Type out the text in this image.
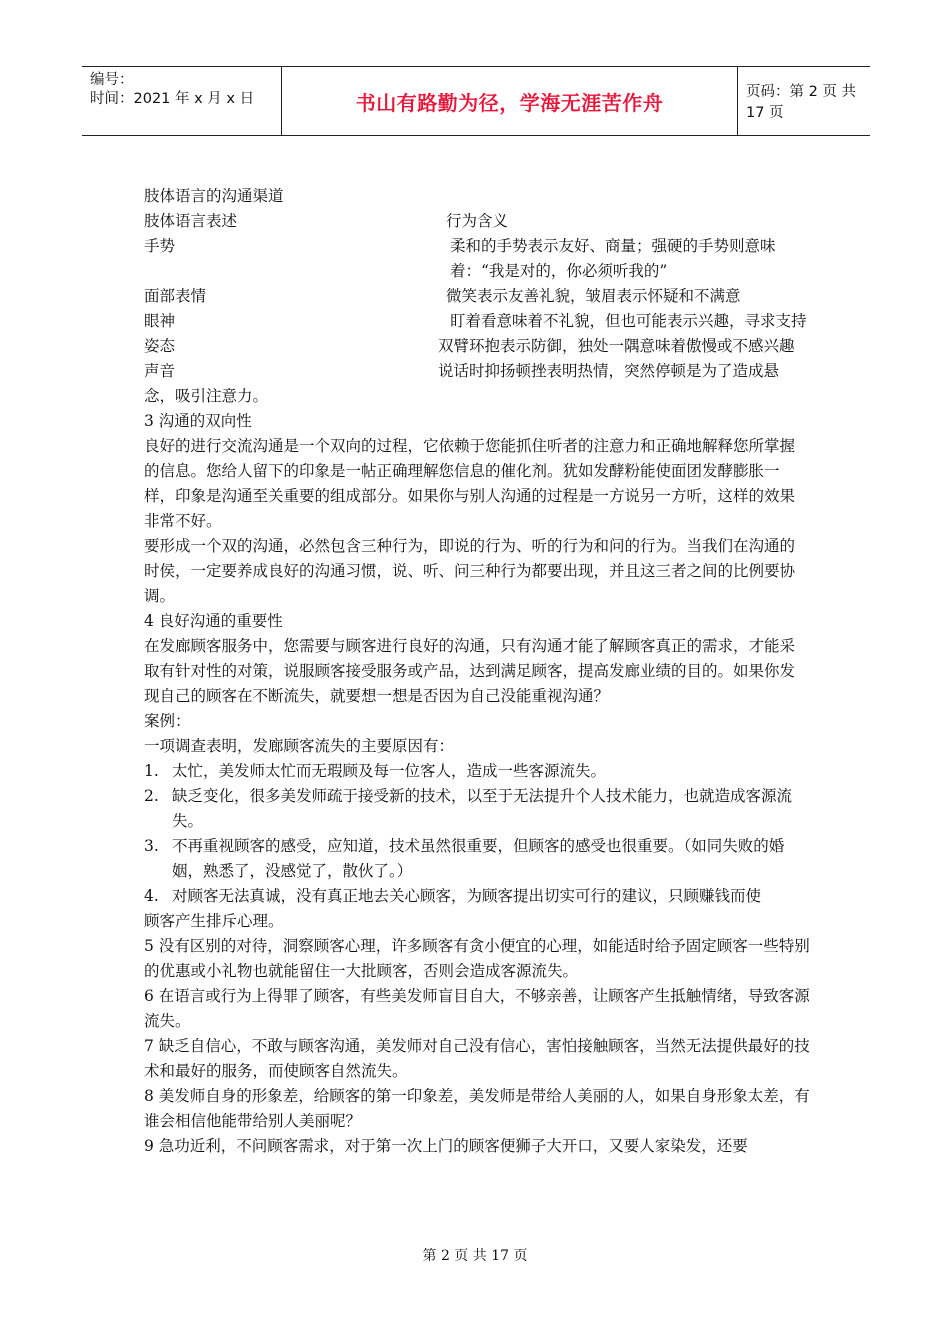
编号：
时间：2021 年 x 月 x 日	书山有路勤为径，学海无涯苦作舟	页码：第 2 页 共 17 页

肢体语言的沟通渠道

肢体语言表述	行为含义
手势	柔和的手势表示友好、商量；强硬的手势则意味着：“我是对的，你必须听我的”
面部表情	微笑表示友善礼貌，皱眉表示怀疑和不满意
眼神	盯着看意味着不礼貌，但也可能表示兴趣，寻求支持
姿态	双臂环抱表示防御，独处一隅意味着傲慢或不感兴趣
声音	说话时抑扬顿挫表明热情，突然停顿是为了造成悬

念，吸引注意力。

3 沟通的双向性

良好的进行交流沟通是一个双向的过程，它依赖于您能抓住听者的注意力和正确地解释您所掌握的信息。您给人留下的印象是一帖正确理解您信息的催化剂。犹如发酵粉能使面团发酵膨胀一样，印象是沟通至关重要的组成部分。如果你与别人沟通的过程是一方说另一方听，这样的效果非常不好。

要形成一个双的沟通，必然包含三种行为，即说的行为、听的行为和问的行为。当我们在沟通的时侯，一定要养成良好的沟通习惯，说、听、问三种行为都要出现，并且这三者之间的比例要协调。

4 良好沟通的重要性

在发廊顾客服务中，您需要与顾客进行良好的沟通，只有沟通才能了解顾客真正的需求，才能采取有针对性的对策，说服顾客接受服务或产品，达到满足顾客，提高发廊业绩的目的。如果你发现自己的顾客在不断流失，就要想一想是否因为自己没能重视沟通？

案例：

一项调查表明，发廊顾客流失的主要原因有：

1. 太忙，美发师太忙而无瑕顾及每一位客人，造成一些客源流失。
2. 缺乏变化，很多美发师疏于接受新的技术，以至于无法提升个人技术能力，也就造成客源流失。
3. 不再重视顾客的感受，应知道，技术虽然很重要，但顾客的感受也很重要。（如同失败的婚姻，熟悉了，没感觉了，散伙了。）
4. 对顾客无法真诚，没有真正地去关心顾客，为顾客提出切实可行的建议，只顾赚钱而使

顾客产生排斥心理。

5 没有区别的对待，洞察顾客心理，许多顾客有贪小便宜的心理，如能适时给予固定顾客一些特别的优惠或小礼物也就能留住一大批顾客，否则会造成客源流失。

6 在语言或行为上得罪了顾客，有些美发师盲目自大，不够亲善，让顾客产生抵触情绪，导致客源流失。

7 缺乏自信心，不敢与顾客沟通，美发师对自己没有信心，害怕接触顾客，当然无法提供最好的技术和最好的服务，而使顾客自然流失。

8 美发师自身的形象差，给顾客的第一印象差，美发师是带给人美丽的人，如果自身形象太差，有谁会相信他能带给别人美丽呢？

9 急功近利，不问顾客需求，对于第一次上门的顾客便狮子大开口，又要人家染发，还要

第 2 页 共 17 页
